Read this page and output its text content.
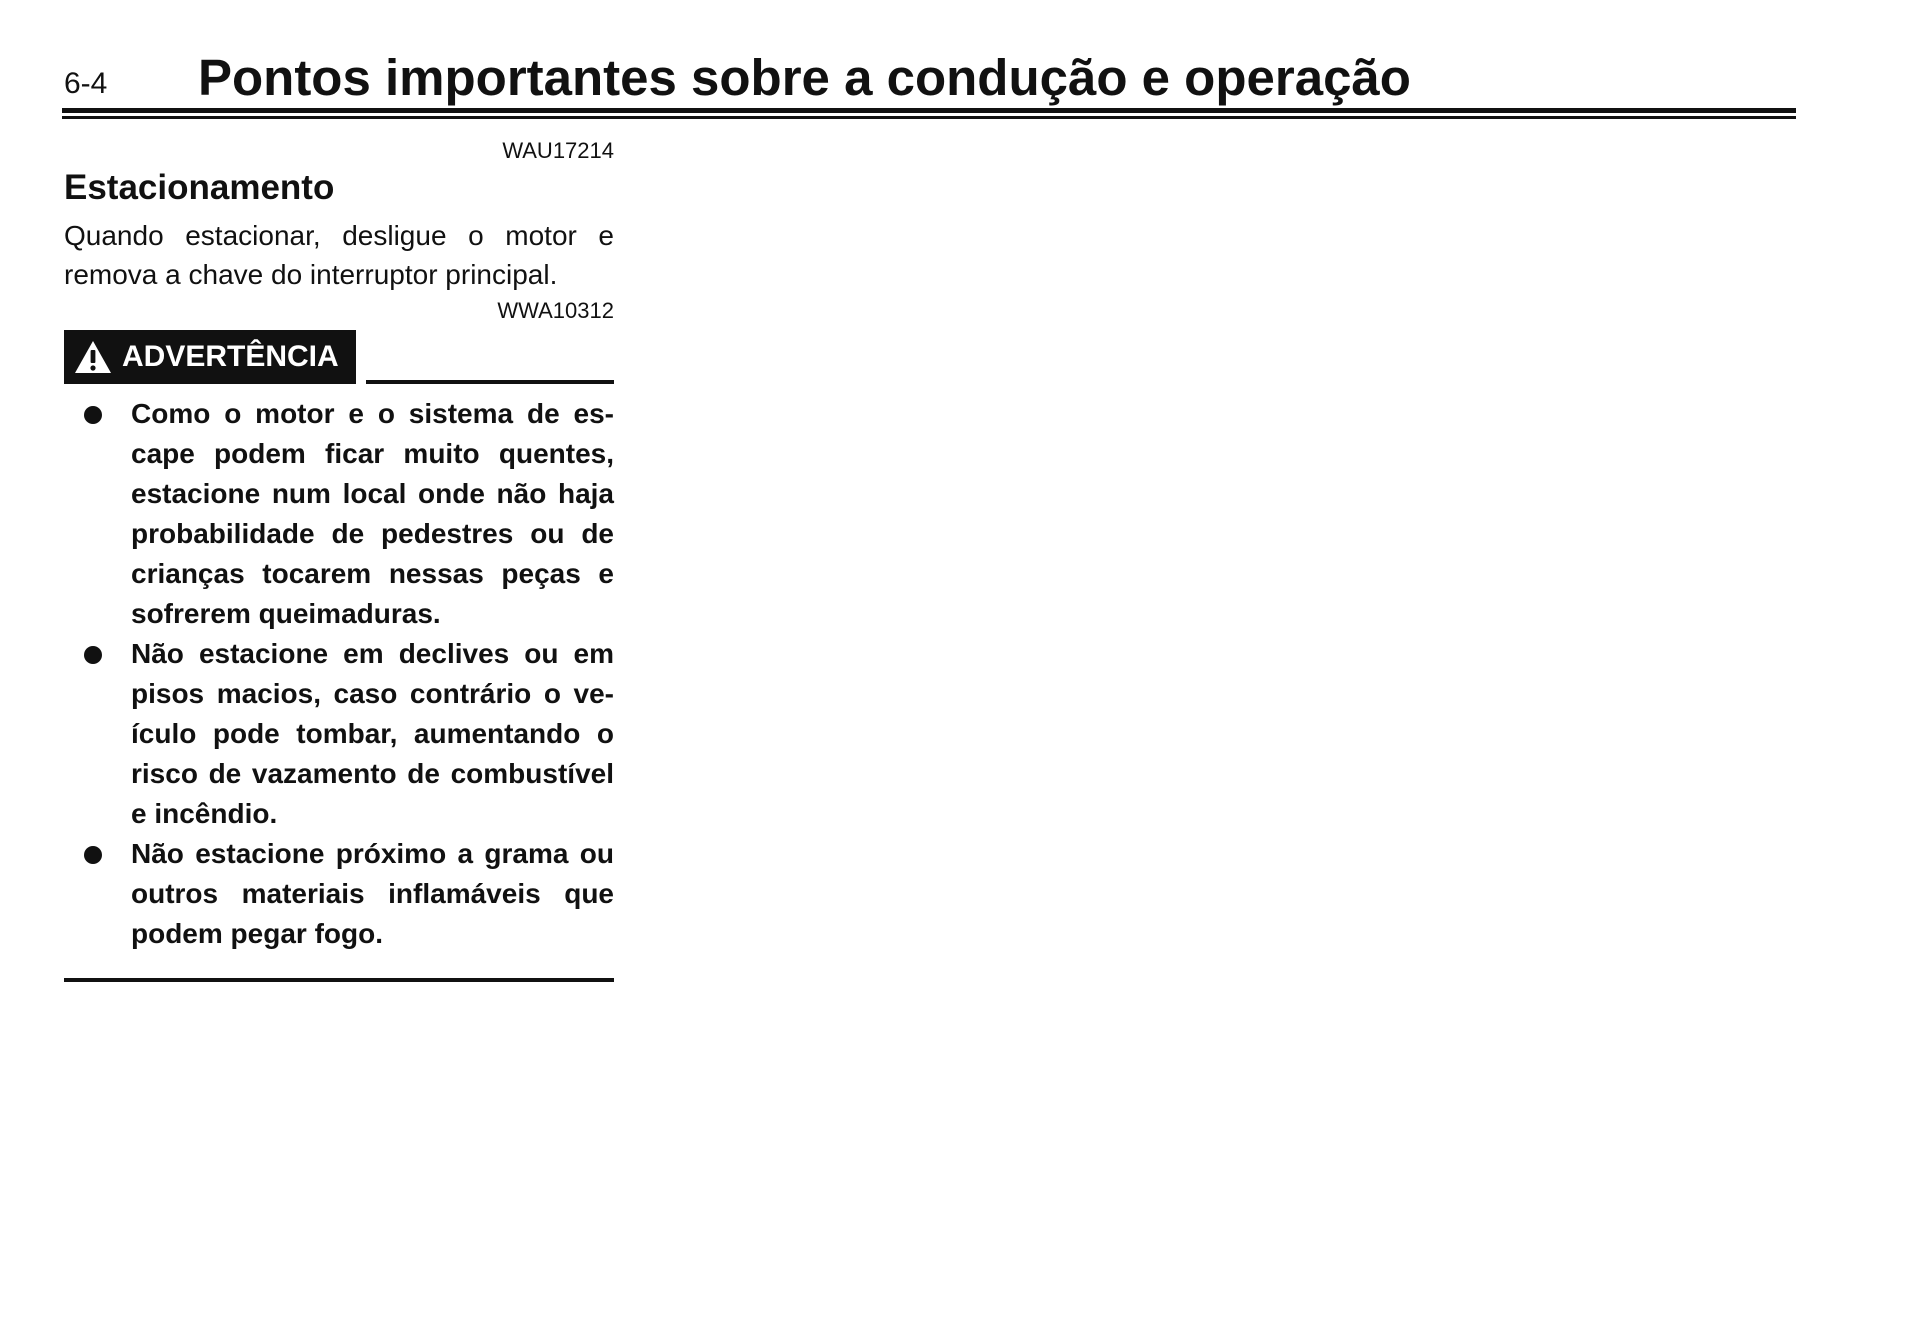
6-4 Pontos importantes sobre a condução e operação
WAU17214
Estacionamento
Quando estacionar, desligue o motor e remova a chave do interruptor principal.
WWA10312
ADVERTÊNCIA
Como o motor e o sistema de escape podem ficar muito quentes, estacione num local onde não haja probabilidade de pedestres ou de crianças tocarem nessas peças e sofrerem queimaduras.
Não estacione em declives ou em pisos macios, caso contrário o veículo pode tombar, aumentando o risco de vazamento de combustível e incêndio.
Não estacione próximo a grama ou outros materiais inflamáveis que podem pegar fogo.
